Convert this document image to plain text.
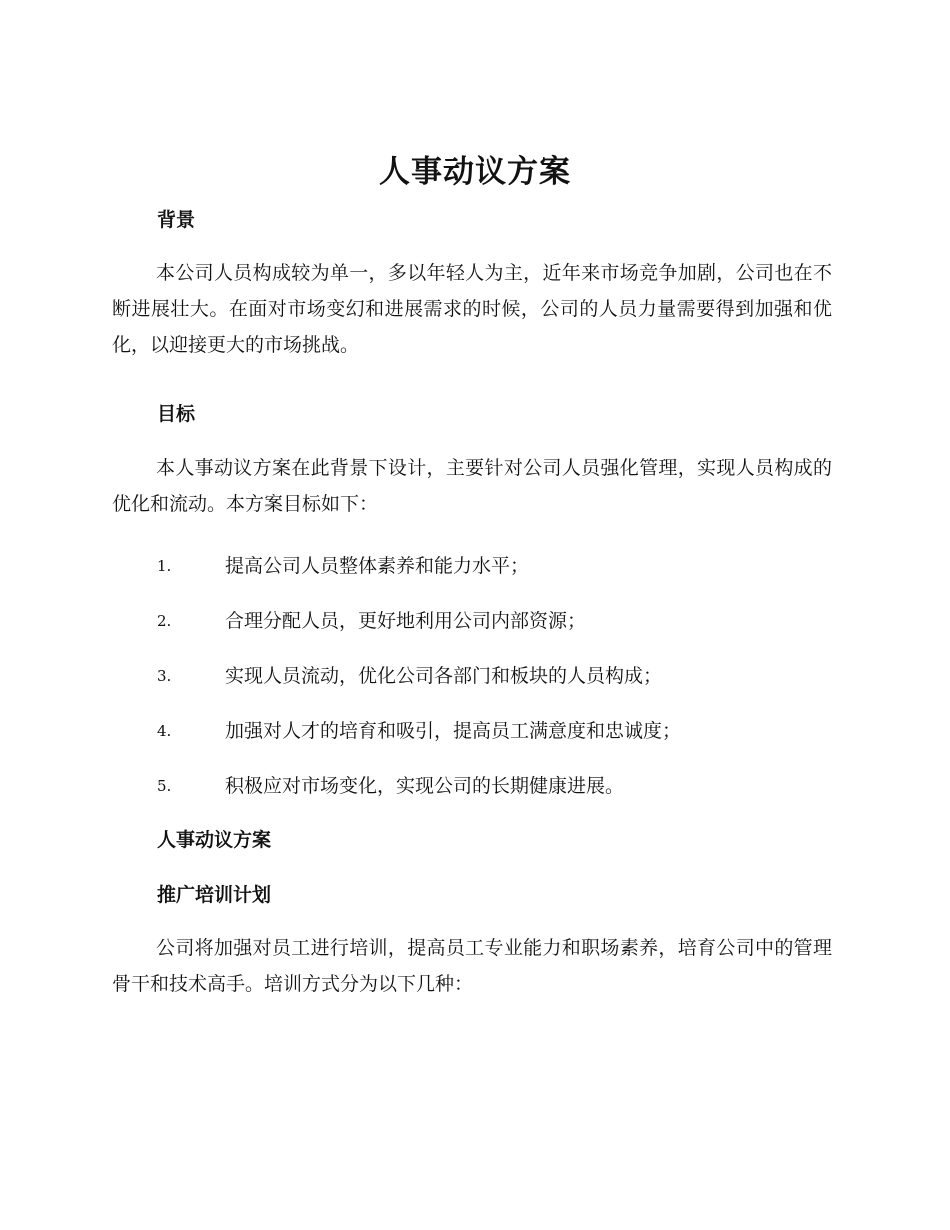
人事动议方案
背景

本公司人员构成较为单一，多以年轻人为主，近年来市场竞争加剧，公司也在不断进展壮大。在面对市场变幻和进展需求的时候，公司的人员力量需要得到加强和优化，以迎接更大的市场挑战。

目标

本人事动议方案在此背景下设计，主要针对公司人员强化管理，实现人员构成的优化和流动。本方案目标如下：

1.	提高公司人员整体素养和能力水平；
2.	合理分配人员，更好地利用公司内部资源；
3.	实现人员流动，优化公司各部门和板块的人员构成；
4.	加强对人才的培育和吸引，提高员工满意度和忠诚度；
5.	积极应对市场变化，实现公司的长期健康进展。
人事动议方案
推广培训计划

公司将加强对员工进行培训，提高员工专业能力和职场素养，培育公司中的管理骨干和技术高手。培训方式分为以下几种：
